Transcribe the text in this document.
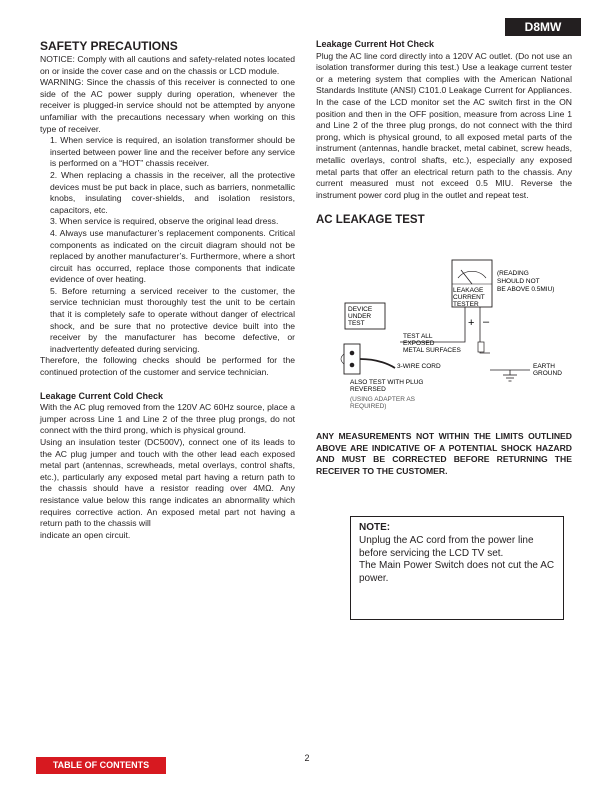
D8MW
SAFETY PRECAUTIONS

NOTICE: Comply with all cautions and safety-related notes located on or inside the cover case and on the chassis or LCD module.

WARNING: Since the chassis of this receiver is connected to one side of the AC power supply during operation, whenever the receiver is plugged-in service should not be attempted by anyone unfamiliar with the precautions necessary when working on this type of receiver.

1. When service is required, an isolation transformer should be inserted between power line and the receiver before any service is performed on a “HOT” chassis receiver.

2. When replacing a chassis in the receiver, all the protective devices must be put back in place, such as barriers, nonmetallic knobs, insulating cover-shields, and isolation resistors, capacitors, etc.

3. When service is required, observe the original lead dress.

4. Always use manufacturer’s replacement components. Critical components as indicated on the circuit diagram should not be replaced by another manufacturer’s. Furthermore, where a short circuit has occurred, replace those components that indicate evidence of over heating.

5. Before returning a serviced receiver to the customer, the service technician must thoroughly test the unit to be certain that it is completely safe to operate without danger of electrical shock, and be sure that no protective device built into the receiver by the manufacturer has become defective, or inadvertently defeated during servicing.

Therefore, the following checks should be performed for the continued protection of the customer and service technician.

Leakage Current Cold Check

With the AC plug removed from the 120V AC 60Hz source, place a jumper across Line 1 and Line 2 of the three plug prongs, do not connect with the third prong, which is physical ground.

Using an insulation tester (DC500V), connect one of its leads to the AC plug jumper and touch with the other lead each exposed metal part (antennas, screwheads, metal overlays, control shafts, etc.), particularly any exposed metal part having a return path to the chassis should have a resistor reading over 4MΩ. Any resistance value below this range indicates an abnormality which requires corrective action. An exposed metal part not having a return path to the chassis will

indicate an open circuit.

Leakage Current Hot Check

Plug the AC line cord directly into a 120V AC outlet. (Do not use an isolation transformer during this test.) Use a leakage current tester or a metering system that complies with the American National Standards Institute (ANSI) C101.0 Leakage Current for Appliances. In the case of the LCD monitor set the AC switch first in the ON position and then in the OFF position, measure from across Line 1 and Line 2 of the three plug prongs, do not connect with the third prong, which is physical ground, to all exposed metal parts of the instrument (antennas, handle bracket, metal cabinet, screw heads, metallic overlays, control shafts, etc.), especially any exposed metal parts that offer an electrical return path to the chassis. Any current measured must not exceed 0.5 MIU. Reverse the instrument power cord plug in the outlet and repeat test.

AC LEAKAGE TEST
LEAKAGE
CURRENT
TESTER
(READING
SHOULD NOT
BE ABOVE 0.5MIU)
+ –
DEVICE
UNDER
TEST
TEST ALL
EXPOSED
METAL SURFACES
3-WIRE CORD	EARTH
GROUND
ALSO TEST WITH PLUG
REVERSED
(USING ADAPTER AS
REQUIRED)
ANY MEASUREMENTS NOT WITHIN THE LIMITS OUTLINED ABOVE ARE INDICATIVE OF A POTENTIAL SHOCK HAZARD AND MUST BE CORRECTED BEFORE RETURNING THE RECEIVER TO THE CUSTOMER.

NOTE:

Unplug the AC cord from the power line before servicing the LCD TV set.

The Main Power Switch does not cut the AC power.

TABLE OF CONTENTS
2
